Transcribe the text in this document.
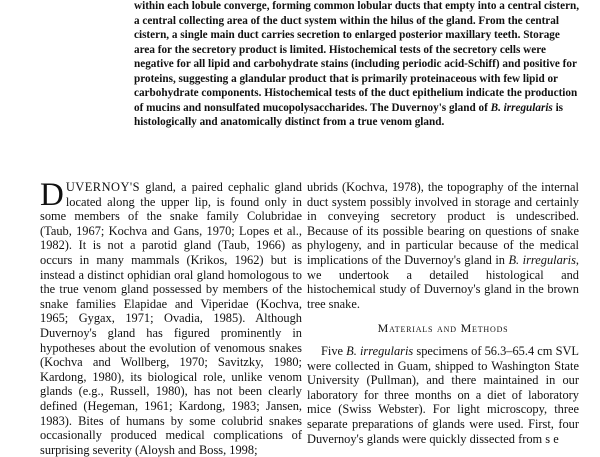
within each lobule converge, forming common lobular ducts that empty into a central cistern, a central collecting area of the duct system within the hilus of the gland. From the central cistern, a single main duct carries secretion to enlarged posterior maxillary teeth. Storage area for the secretory product is limited. Histochemical tests of the secretory cells were negative for all lipid and carbohydrate stains (including periodic acid-Schiff) and positive for proteins, suggesting a glandular product that is primarily proteinaceous with few lipid or carbohydrate components. Histochemical tests of the duct epithelium indicate the production of mucins and nonsulfated mucopolysaccharides. The Duvernoy's gland of B. irregularis is histologically and anatomically distinct from a true venom gland.

DUVERNOY'S gland, a paired cephalic gland located along the upper lip, is found only in some members of the snake family Colubridae (Taub, 1967; Kochva and Gans, 1970; Lopes et al., 1982). It is not a parotid gland (Taub, 1966) as occurs in many mammals (Krikos, 1962) but is instead a distinct ophidian oral gland homologous to the true venom gland possessed by members of the snake families Elapidae and Viperidae (Kochva, 1965; Gygax, 1971; Ovadia, 1985). Although Duvernoy's gland has figured prominently in hypotheses about the evolution of venomous snakes (Kochva and Wollberg, 1970; Savitzky, 1980; Kardong, 1980), its biological role, unlike venom glands (e.g., Russell, 1980), has not been clearly defined (Hegeman, 1961; Kardong, 1983; Jansen, 1983). Bites of humans by some colubrid snakes occasionally produced medical complications of surprising severity (Aloysh and Boss, 1998;

ubrids (Kochva, 1978), the topography of the internal duct system possibly involved in storage and certainly in conveying secretory product is undescribed. Because of its possible bearing on questions of snake phylogeny, and in particular because of the medical implications of the Duvernoy's gland in B. irregularis, we undertook a detailed histological and histochemical study of Duvernoy's gland in the brown tree snake.

Materials and Methods

Five B. irregularis specimens of 56.3–65.4 cm SVL were collected in Guam, shipped to Washington State University (Pullman), and there maintained in our laboratory for three months on a diet of laboratory mice (Swiss Webster). For light microscopy, three separate preparations of glands were used. First, four Duvernoy's glands were quickly dissected from s e
